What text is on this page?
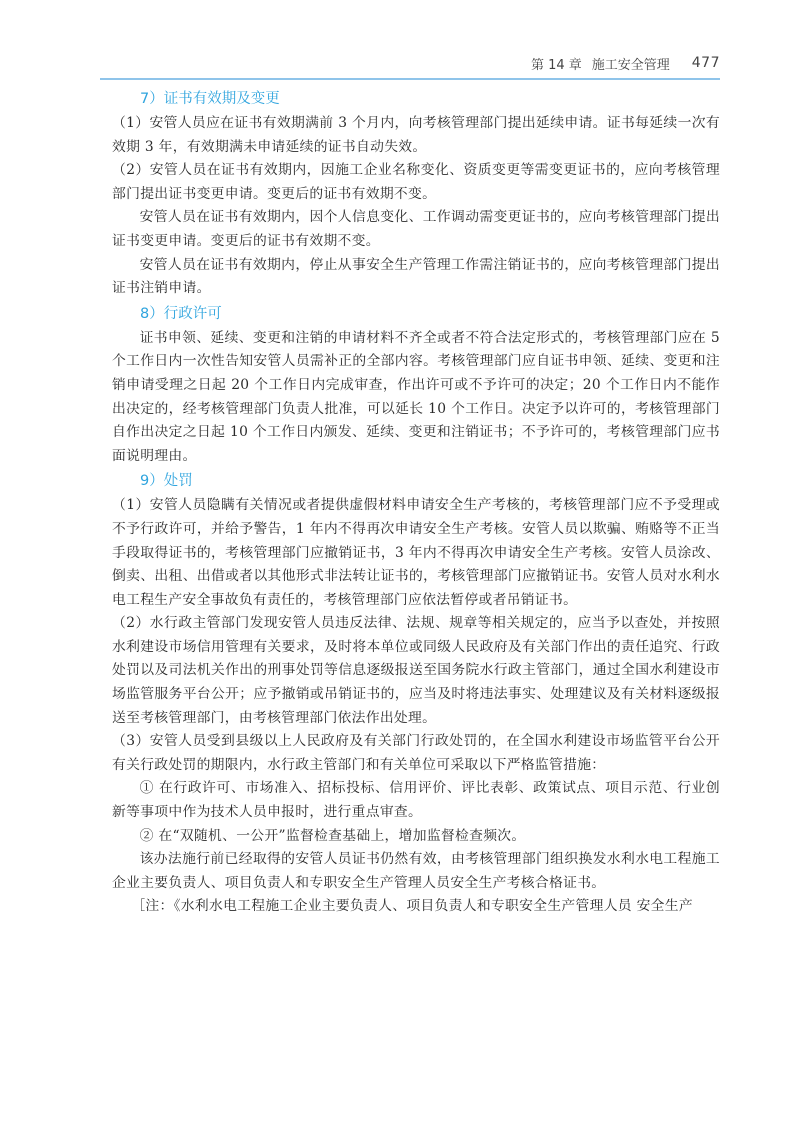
第 14 章 施工安全管理 477
7）证书有效期及变更

（1）安管人员应在证书有效期满前 3 个月内，向考核管理部门提出延续申请。证书每延续一次有效期 3 年，有效期满未申请延续的证书自动失效。

（2）安管人员在证书有效期内，因施工企业名称变化、资质变更等需变更证书的，应向考核管理部门提出证书变更申请。变更后的证书有效期不变。

安管人员在证书有效期内，因个人信息变化、工作调动需变更证书的，应向考核管理部门提出证书变更申请。变更后的证书有效期不变。

安管人员在证书有效期内，停止从事安全生产管理工作需注销证书的，应向考核管理部门提出证书注销申请。

8）行政许可

证书申领、延续、变更和注销的申请材料不齐全或者不符合法定形式的，考核管理部门应在 5 个工作日内一次性告知安管人员需补正的全部内容。考核管理部门应自证书申领、延续、变更和注销申请受理之日起 20 个工作日内完成审查，作出许可或不予许可的决定；20 个工作日内不能作出决定的，经考核管理部门负责人批准，可以延长 10 个工作日。决定予以许可的，考核管理部门自作出决定之日起 10 个工作日内颁发、延续、变更和注销证书；不予许可的，考核管理部门应书面说明理由。

9）处罚

（1）安管人员隐瞒有关情况或者提供虚假材料申请安全生产考核的，考核管理部门应不予受理或不予行政许可，并给予警告，1 年内不得再次申请安全生产考核。安管人员以欺骗、贿赂等不正当手段取得证书的，考核管理部门应撤销证书，3 年内不得再次申请安全生产考核。安管人员涂改、倒卖、出租、出借或者以其他形式非法转让证书的，考核管理部门应撤销证书。安管人员对水利水电工程生产安全事故负有责任的，考核管理部门应依法暂停或者吊销证书。

（2）水行政主管部门发现安管人员违反法律、法规、规章等相关规定的，应当予以查处，并按照水利建设市场信用管理有关要求，及时将本单位或同级人民政府及有关部门作出的责任追究、行政处罚以及司法机关作出的刑事处罚等信息逐级报送至国务院水行政主管部门，通过全国水利建设市场监管服务平台公开；应予撤销或吊销证书的，应当及时将违法事实、处理建议及有关材料逐级报送至考核管理部门，由考核管理部门依法作出处理。

（3）安管人员受到县级以上人民政府及有关部门行政处罚的，在全国水利建设市场监管平台公开有关行政处罚的期限内，水行政主管部门和有关单位可采取以下严格监管措施：

① 在行政许可、市场准入、招标投标、信用评价、评比表彰、政策试点、项目示范、行业创新等事项中作为技术人员申报时，进行重点审查。

② 在“双随机、一公开”监督检查基础上，增加监督检查频次。

该办法施行前已经取得的安管人员证书仍然有效，由考核管理部门组织换发水利水电工程施工企业主要负责人、项目负责人和专职安全生产管理人员安全生产考核合格证书。

［注：《水利水电工程施工企业主要负责人、项目负责人和专职安全生产管理人员 安全生产
